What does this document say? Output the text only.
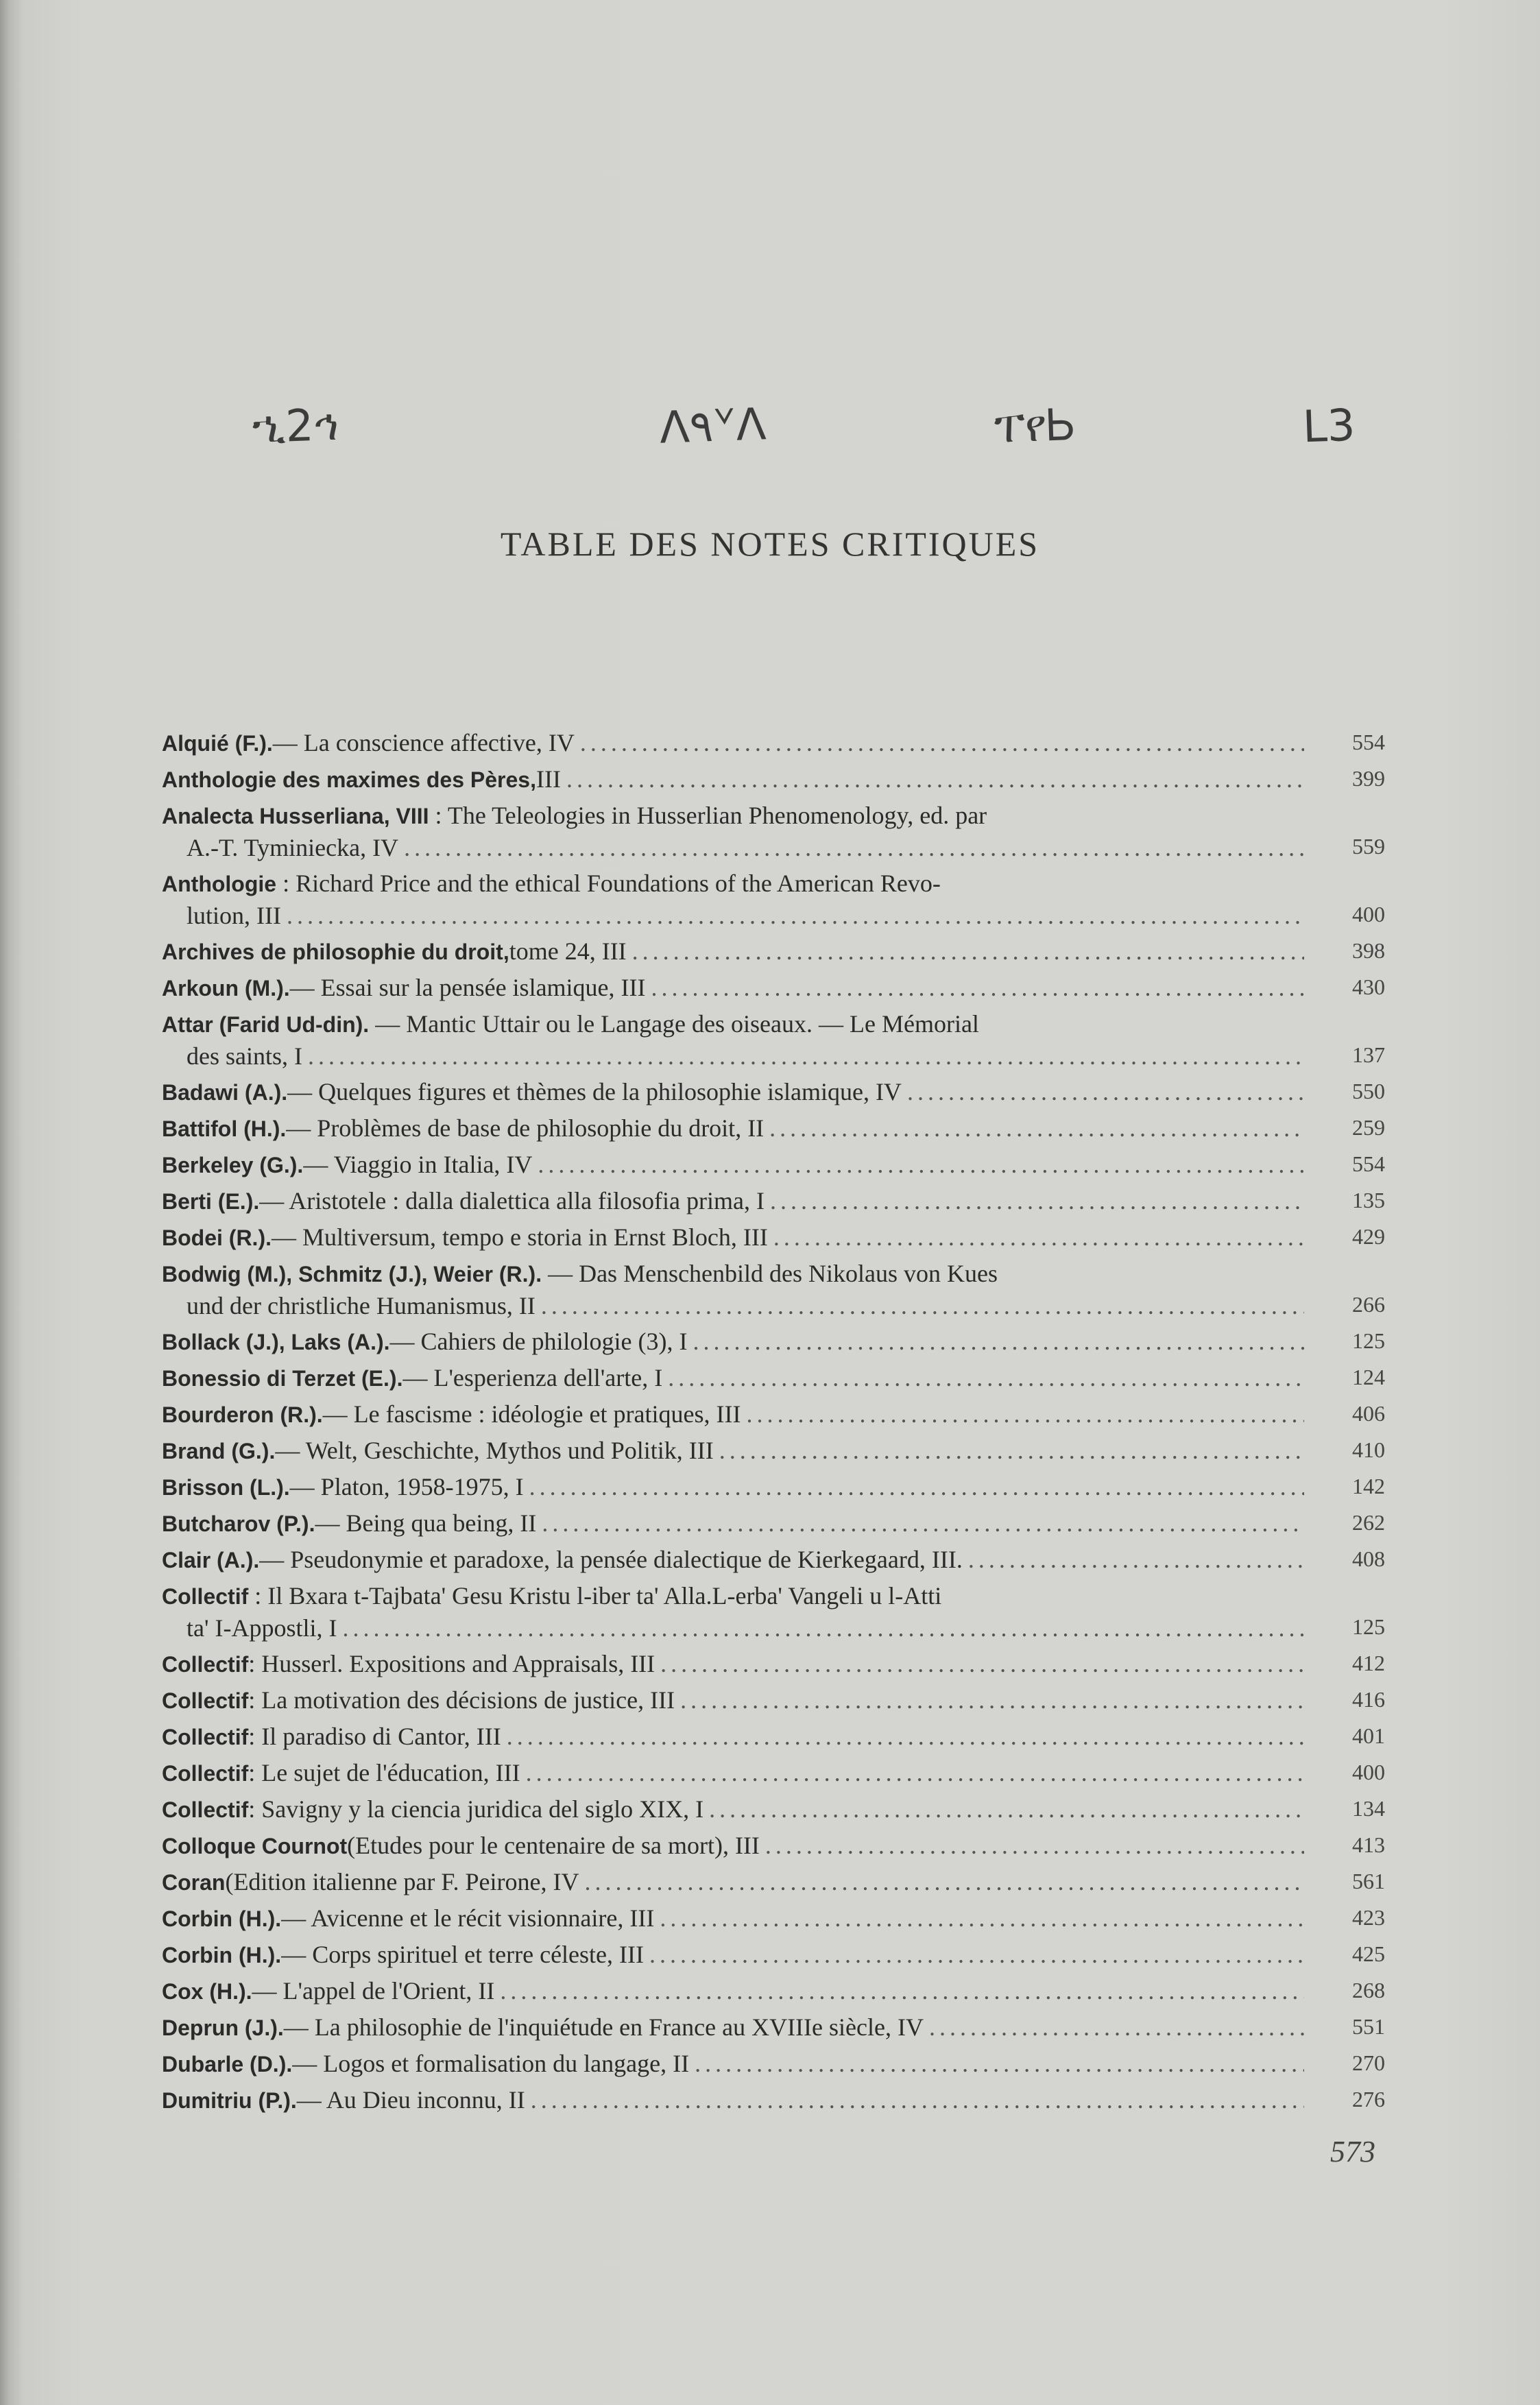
ኂ2ኅ	ᐱ۹ᘁᐱ	ፐየᏏ	ᒪ3
TABLE DES NOTES CRITIQUES
Alquié (F.). — La conscience affective, IV .....	554
Anthologie des maximes des Pères, III .....	399
Analecta Husserliana, VIII : The Teleologies in Husserlian Phenomenology, ed. par
A.-T. Tyminiecka, IV .....	559
Anthologie : Richard Price and the ethical Foundations of the American Revo-
lution, III .....	400
Archives de philosophie du droit, tome 24, III .....	398
Arkoun (M.). — Essai sur la pensée islamique, III .....	430
Attar (Farid Ud-din). — Mantic Uttair ou le Langage des oiseaux. — Le Mémorial
des saints, I .....	137
Badawi (A.). — Quelques figures et thèmes de la philosophie islamique, IV .....	550
Battifol (H.). — Problèmes de base de philosophie du droit, II .....	259
Berkeley (G.). — Viaggio in Italia, IV .....	554
Berti (E.). — Aristotele : dalla dialettica alla filosofia prima, I .....	135
Bodei (R.). — Multiversum, tempo e storia in Ernst Bloch, III .....	429
Bodwig (M.), Schmitz (J.), Weier (R.). — Das Menschenbild des Nikolaus von Kues
und der christliche Humanismus, II .....	266
Bollack (J.), Laks (A.). — Cahiers de philologie (3), I .....	125
Bonessio di Terzet (E.). — L'esperienza dell'arte, I .....	124
Bourderon (R.). — Le fascisme : idéologie et pratiques, III .....	406
Brand (G.). — Welt, Geschichte, Mythos und Politik, III .....	410
Brisson (L.). — Platon, 1958-1975, I .....	142
Butcharov (P.). — Being qua being, II .....	262
Clair (A.). — Pseudonymie et paradoxe, la pensée dialectique de Kierkegaard, III. .....	408
Collectif : Il Bxara t-Tajbata' Gesu Kristu l-iber ta' Alla.L-erba' Vangeli u l-Atti
ta' I-Appostli, I .....	125
Collectif : Husserl. Expositions and Appraisals, III .....	412
Collectif : La motivation des décisions de justice, III .....	416
Collectif : Il paradiso di Cantor, III .....	401
Collectif : Le sujet de l'éducation, III .....	400
Collectif : Savigny y la ciencia juridica del siglo XIX, I .....	134
Colloque Cournot (Etudes pour le centenaire de sa mort), III .....	413
Coran (Edition italienne par F. Peirone, IV .....	561
Corbin (H.). — Avicenne et le récit visionnaire, III .....	423
Corbin (H.). — Corps spirituel et terre céleste, III .....	425
Cox (H.). — L'appel de l'Orient, II .....	268
Deprun (J.). — La philosophie de l'inquiétude en France au XVIIIe siècle, IV .....	551
Dubarle (D.). — Logos et formalisation du langage, II .....	270
Dumitriu (P.). — Au Dieu inconnu, II .....	276
573
